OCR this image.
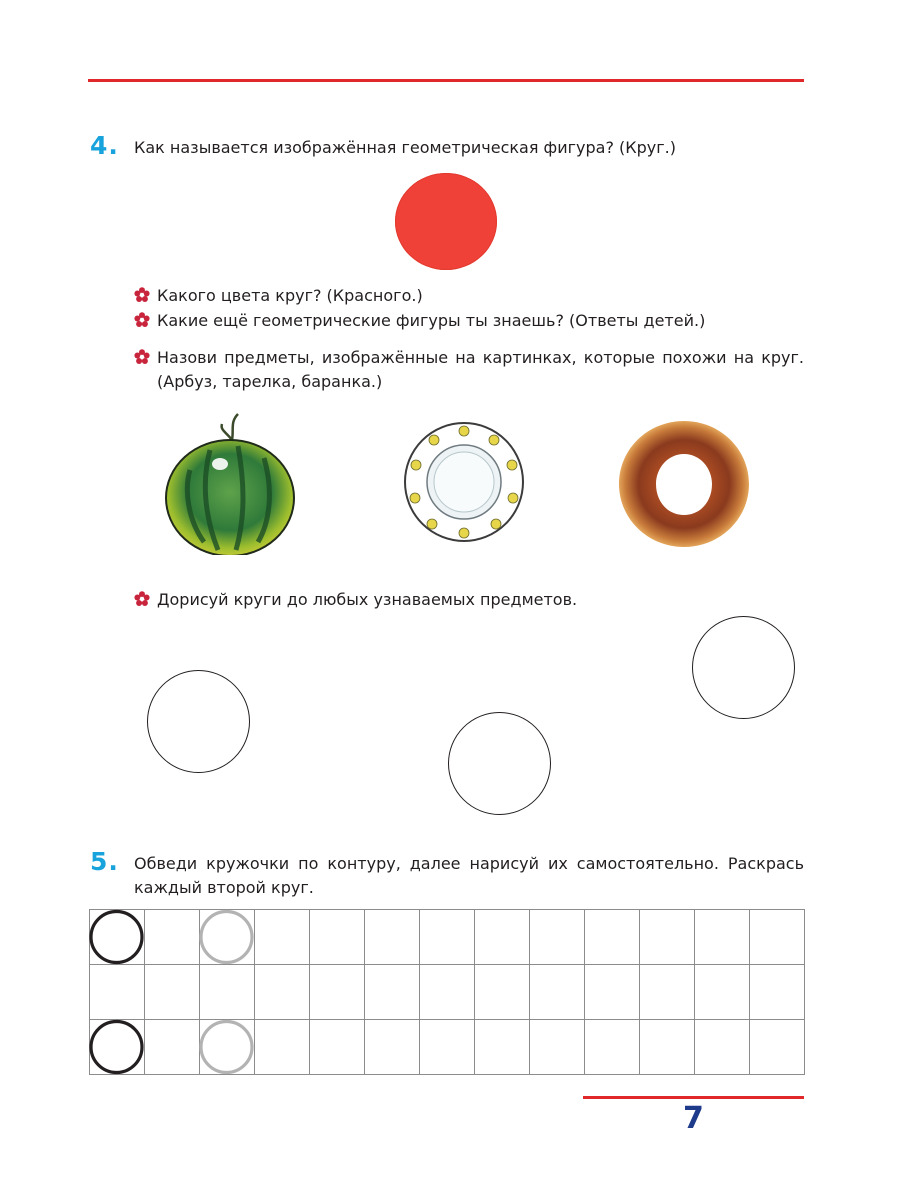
4. Как называется изображённая геометрическая фигура? (Круг.)
Какого цвета круг? (Красного.)
Какие ещё геометрические фигуры ты знаешь? (Ответы детей.)
Назови предметы, изображённые на картинках, которые похожи на круг. (Арбуз, тарелка, баранка.)
Дорисуй круги до любых узнаваемых предметов.
5. Обведи кружочки по контуру, далее нарисуй их самостоятельно. Раскрась каждый второй круг.
7
